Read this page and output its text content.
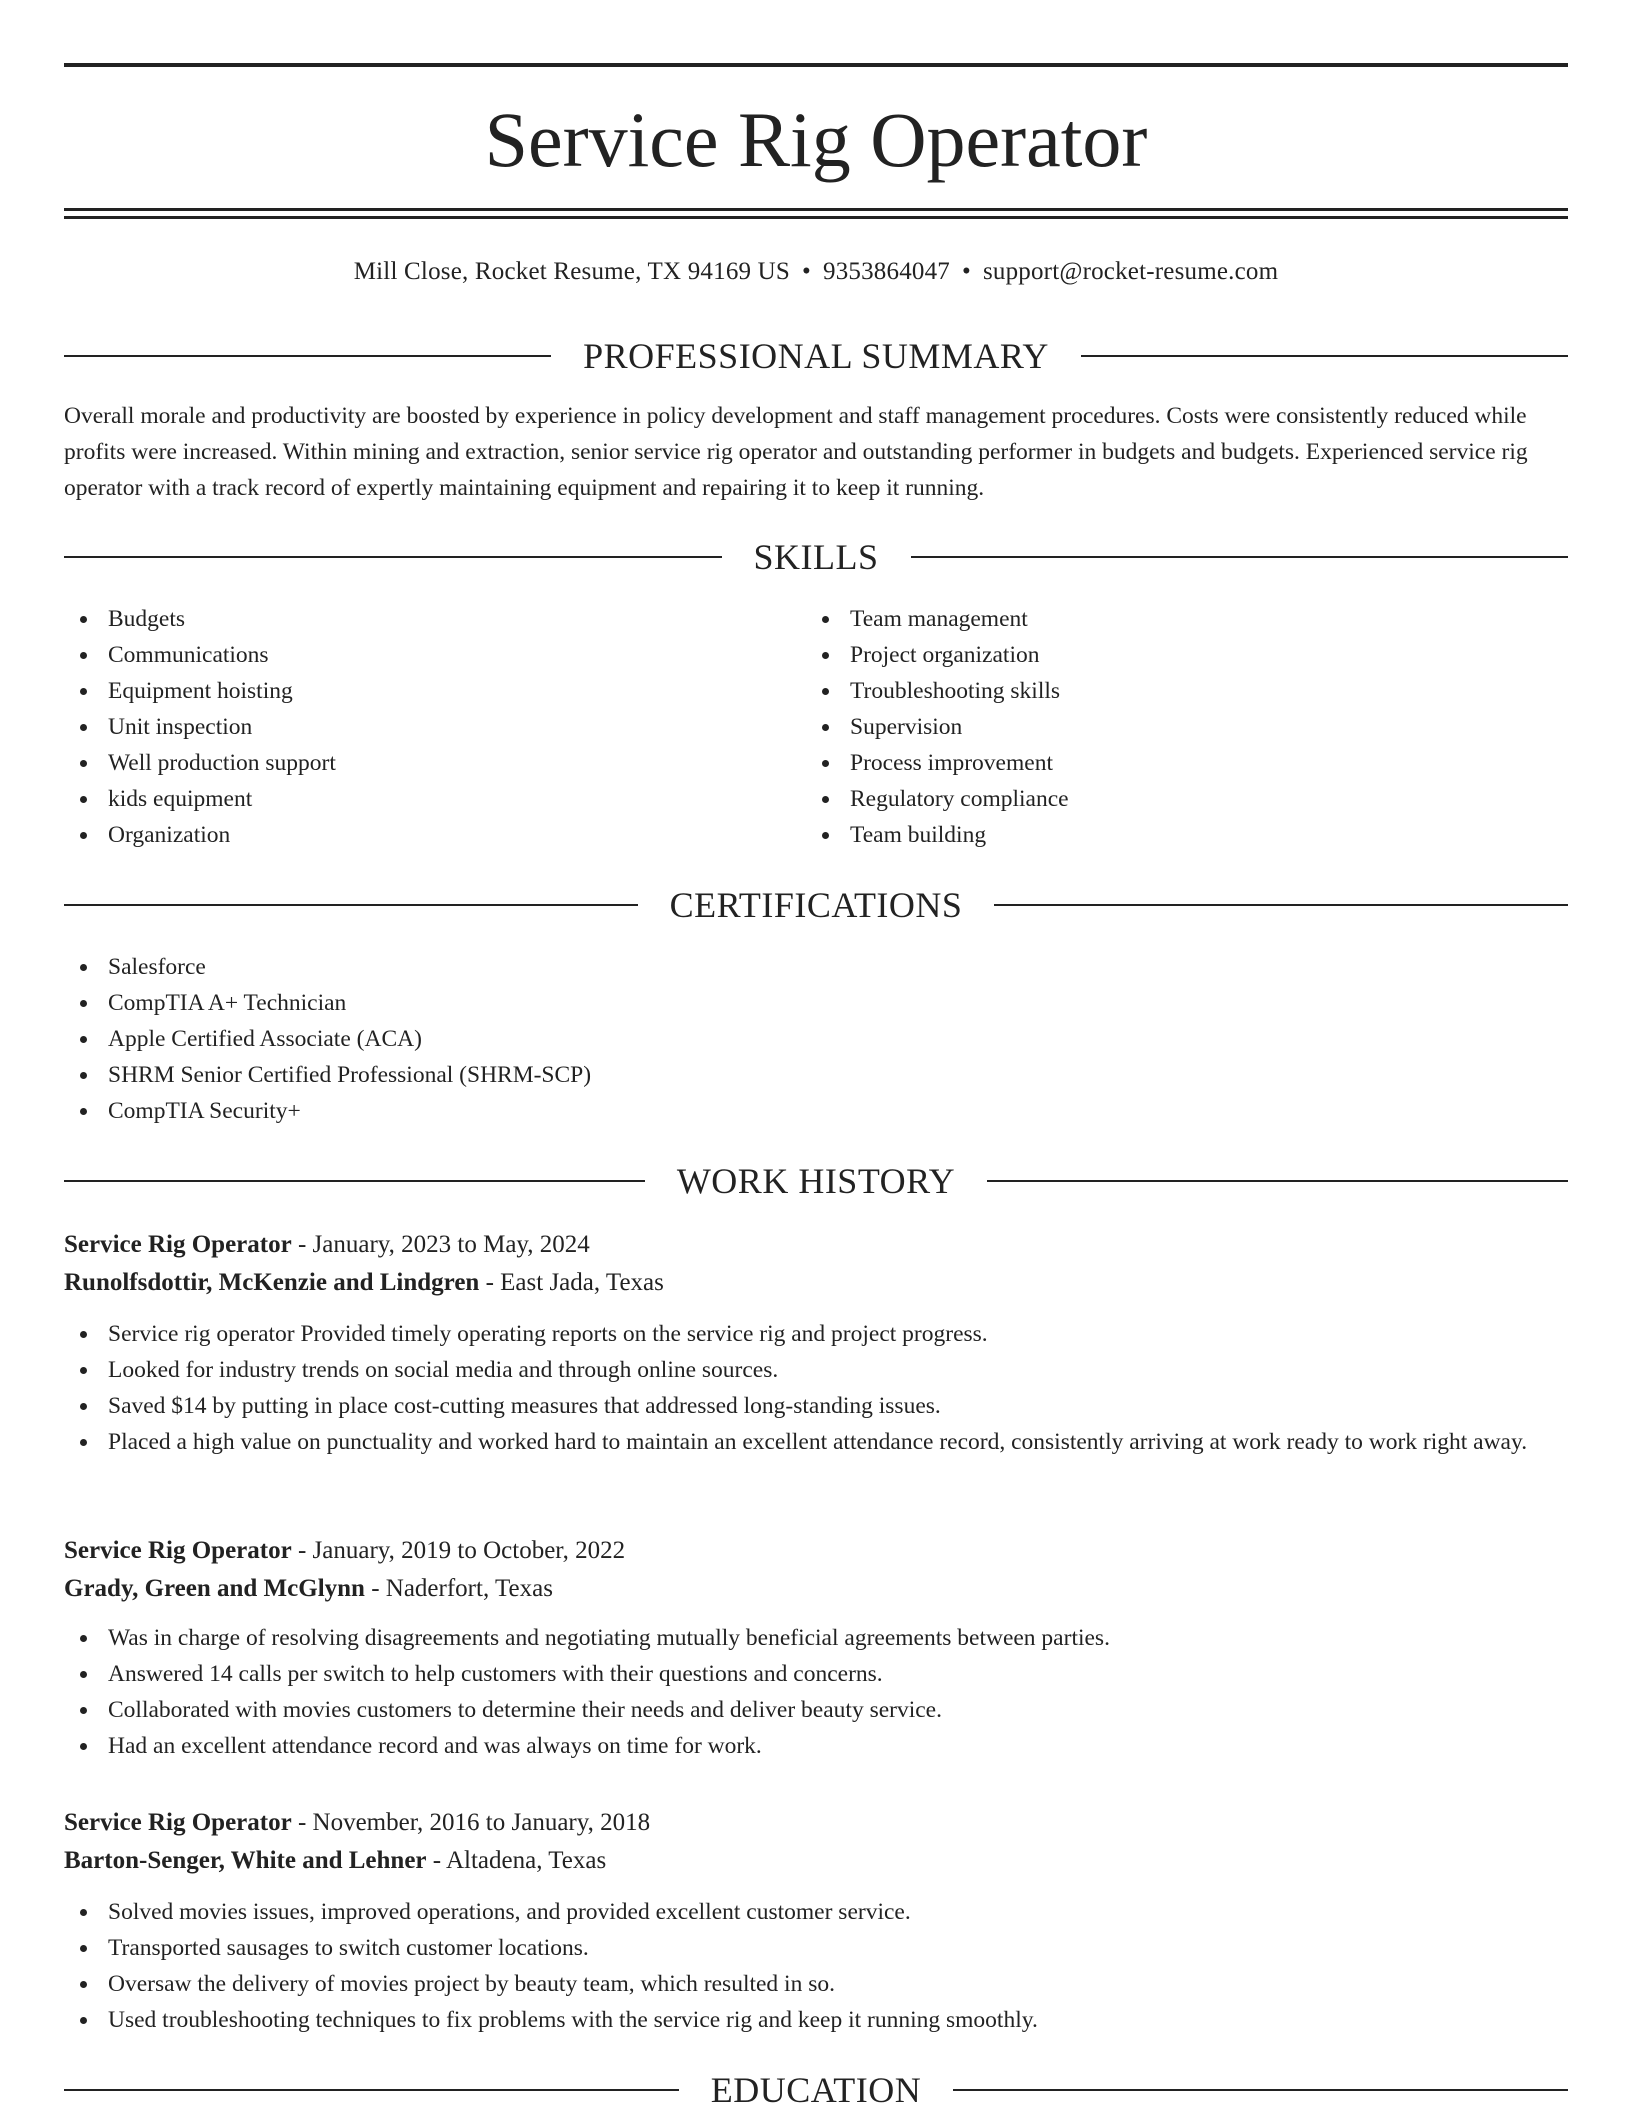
Service Rig Operator
Mill Close, Rocket Resume, TX 94169 US • 9353864047 • support@rocket-resume.com
PROFESSIONAL SUMMARY

Overall morale and productivity are boosted by experience in policy development and staff management procedures. Costs were consistently reduced while profits were increased. Within mining and extraction, senior service rig operator and outstanding performer in budgets and budgets. Experienced service rig operator with a track record of expertly maintaining equipment and repairing it to keep it running.

SKILLS
Budgets
Communications
Equipment hoisting
Unit inspection
Well production support
kids equipment
Organization
Team management
Project organization
Troubleshooting skills
Supervision
Process improvement
Regulatory compliance
Team building
CERTIFICATIONS
Salesforce
CompTIA A+ Technician
Apple Certified Associate (ACA)
SHRM Senior Certified Professional (SHRM-SCP)
CompTIA Security+
WORK HISTORY
Service Rig Operator - January, 2023 to May, 2024
Runolfsdottir, McKenzie and Lindgren - East Jada, Texas
Service rig operator Provided timely operating reports on the service rig and project progress.
Looked for industry trends on social media and through online sources.
Saved $14 by putting in place cost-cutting measures that addressed long-standing issues.
Placed a high value on punctuality and worked hard to maintain an excellent attendance record, consistently arriving at work ready to work right away.
Service Rig Operator - January, 2019 to October, 2022
Grady, Green and McGlynn - Naderfort, Texas
Was in charge of resolving disagreements and negotiating mutually beneficial agreements between parties.
Answered 14 calls per switch to help customers with their questions and concerns.
Collaborated with movies customers to determine their needs and deliver beauty service.
Had an excellent attendance record and was always on time for work.
Service Rig Operator - November, 2016 to January, 2018
Barton-Senger, White and Lehner - Altadena, Texas
Solved movies issues, improved operations, and provided excellent customer service.
Transported sausages to switch customer locations.
Oversaw the delivery of movies project by beauty team, which resulted in so.
Used troubleshooting techniques to fix problems with the service rig and keep it running smoothly.
EDUCATION
